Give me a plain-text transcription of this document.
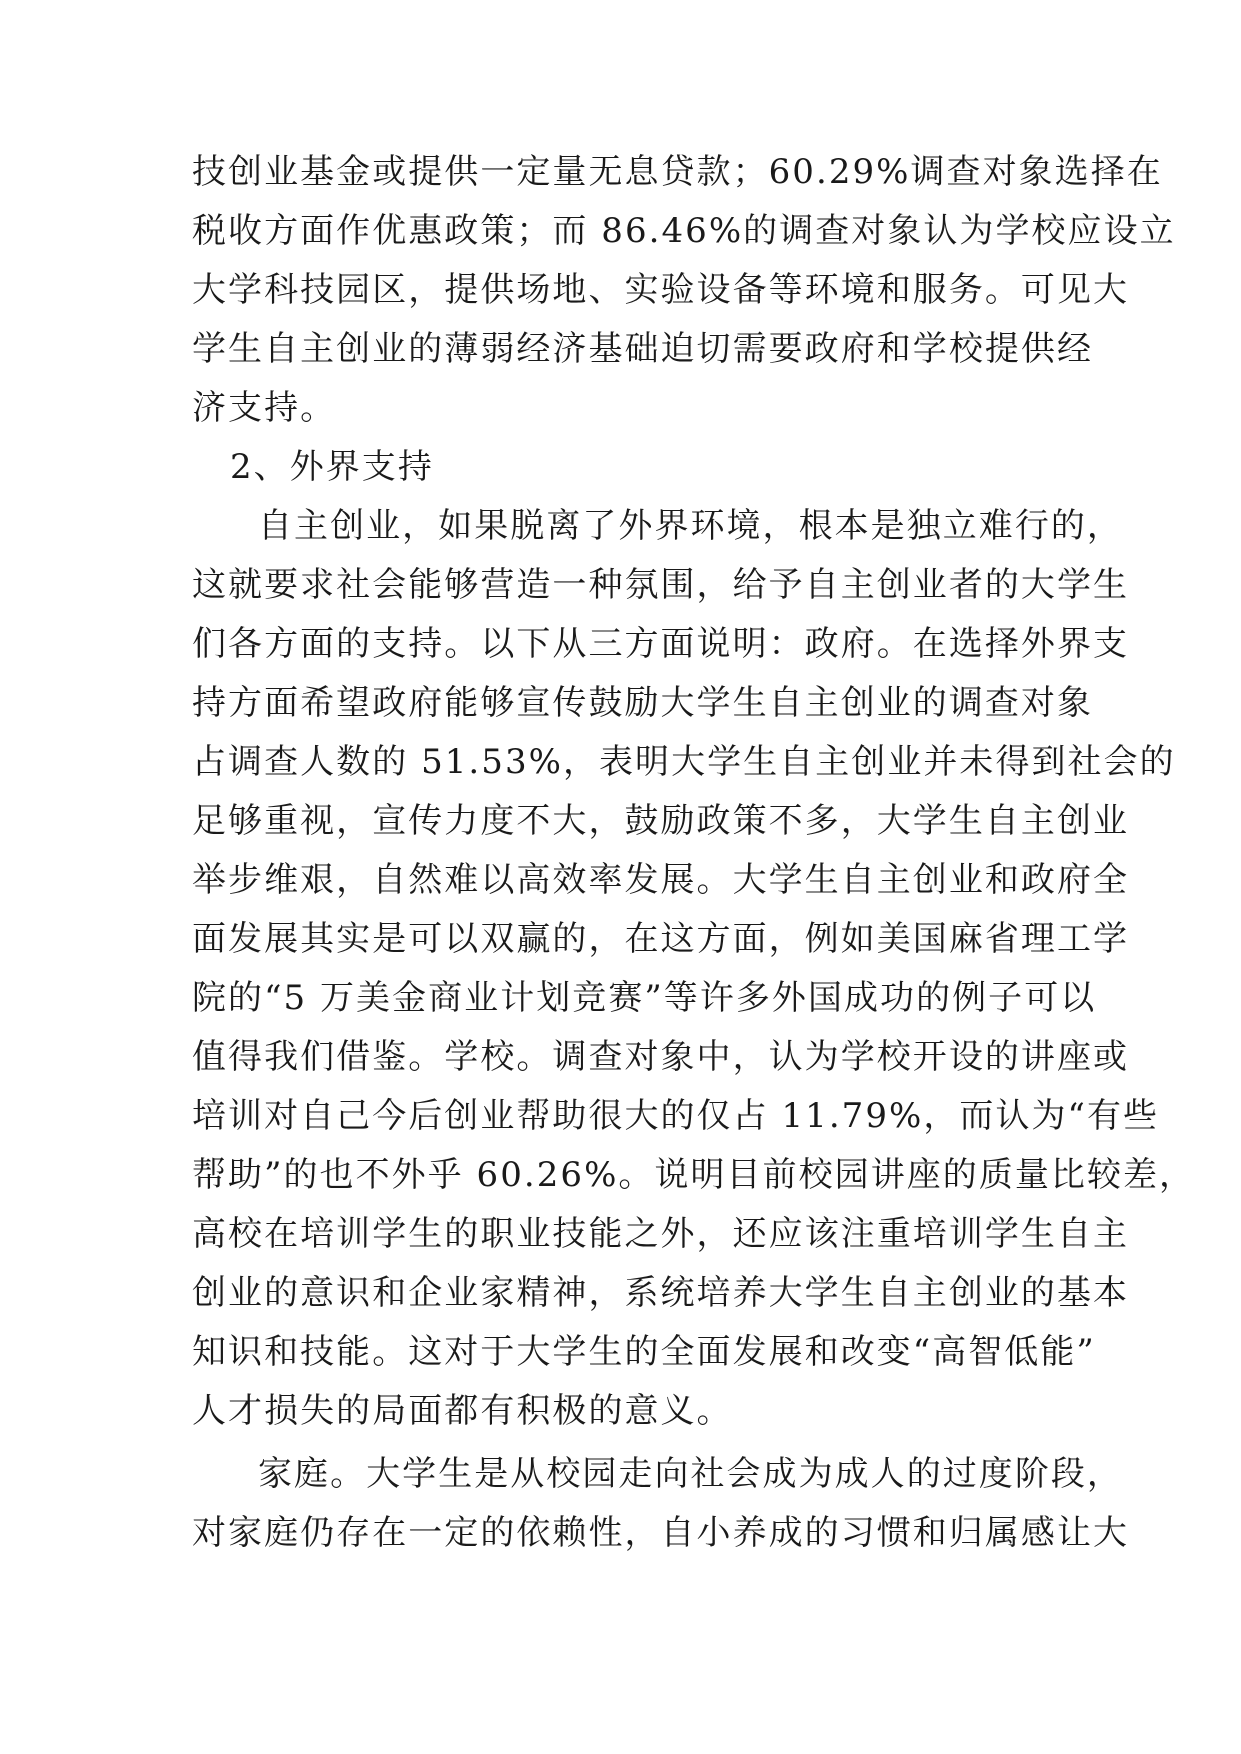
技创业基金或提供一定量无息贷款；60.29%调查对象选择在
税收方面作优惠政策；而 86.46%的调查对象认为学校应设立
大学科技园区，提供场地、实验设备等环境和服务。可见大
学生自主创业的薄弱经济基础迫切需要政府和学校提供经
济支持。
2、外界支持
自主创业，如果脱离了外界环境，根本是独立难行的，
这就要求社会能够营造一种氛围，给予自主创业者的大学生
们各方面的支持。以下从三方面说明：政府。在选择外界支
持方面希望政府能够宣传鼓励大学生自主创业的调查对象
占调查人数的 51.53%，表明大学生自主创业并未得到社会的
足够重视，宣传力度不大，鼓励政策不多，大学生自主创业
举步维艰，自然难以高效率发展。大学生自主创业和政府全
面发展其实是可以双赢的，在这方面，例如美国麻省理工学
院的“5 万美金商业计划竞赛”等许多外国成功的例子可以
值得我们借鉴。学校。调查对象中，认为学校开设的讲座或
培训对自己今后创业帮助很大的仅占 11.79%，而认为“有些
帮助”的也不外乎 60.26%。说明目前校园讲座的质量比较差，
高校在培训学生的职业技能之外，还应该注重培训学生自主
创业的意识和企业家精神，系统培养大学生自主创业的基本
知识和技能。这对于大学生的全面发展和改变“高智低能”
人才损失的局面都有积极的意义。
家庭。大学生是从校园走向社会成为成人的过度阶段，
对家庭仍存在一定的依赖性，自小养成的习惯和归属感让大
